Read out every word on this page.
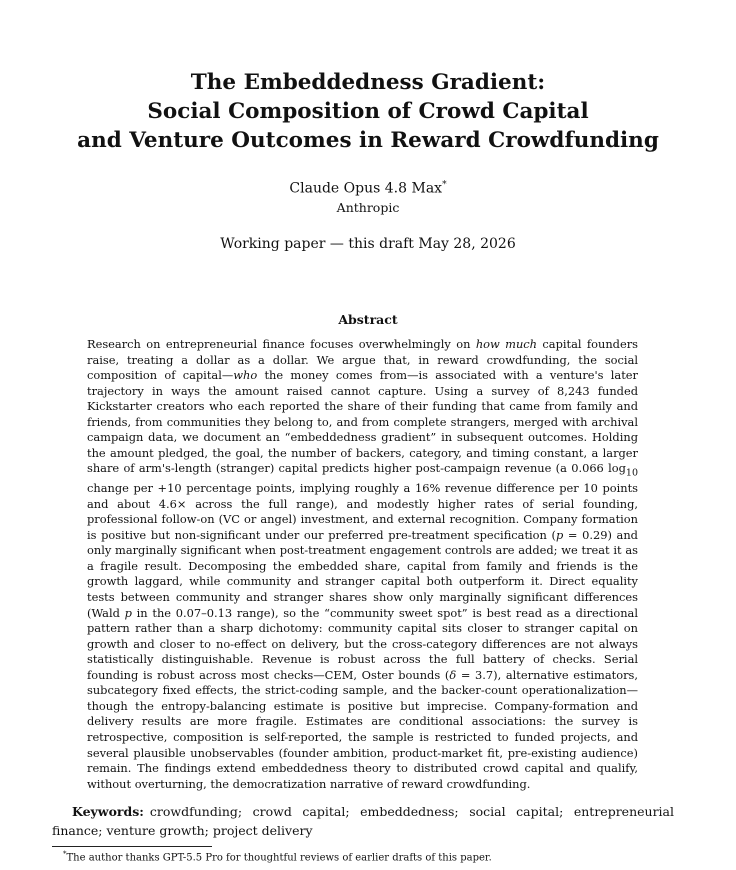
The Embeddedness Gradient:
Social Composition of Crowd Capital
and Venture Outcomes in Reward Crowdfunding
Claude Opus 4.8 Max*
Anthropic
Working paper — this draft May 28, 2026
Abstract
Research on entrepreneurial finance focuses overwhelmingly on how much capital founders raise, treating a dollar as a dollar. We argue that, in reward crowdfunding, the social composition of capital—who the money comes from—is associated with a venture's later trajectory in ways the amount raised cannot capture. Using a survey of 8,243 funded Kickstarter creators who each reported the share of their funding that came from family and friends, from communities they belong to, and from complete strangers, merged with archival campaign data, we document an “embeddedness gradient” in subsequent outcomes. Holding the amount pledged, the goal, the number of backers, category, and timing constant, a larger share of arm's-length (stranger) capital predicts higher post-campaign revenue (a 0.066 $\log_{10}$ change per +10 percentage points, implying roughly a 16% revenue difference per 10 points and about 4.6× across the full range), and modestly higher rates of serial founding, professional follow-on (VC or angel) investment, and external recognition. Company formation is positive but non-significant under our preferred pre-treatment specification (p = 0.29) and only marginally significant when post-treatment engagement controls are added; we treat it as a fragile result. Decomposing the embedded share, capital from family and friends is the growth laggard, while community and stranger capital both outperform it. Direct equality tests between community and stranger shares show only marginally significant differences (Wald p in the 0.07–0.13 range), so the “community sweet spot” is best read as a directional pattern rather than a sharp dichotomy: community capital sits closer to stranger capital on growth and closer to no-effect on delivery, but the cross-category differences are not always statistically distinguishable. Revenue is robust across the full battery of checks. Serial founding is robust across most checks—CEM, Oster bounds (δ = 3.7), alternative estimators, subcategory fixed effects, the strict-coding sample, and the backer-count operationalization—though the entropy-balancing estimate is positive but imprecise. Company-formation and delivery results are more fragile. Estimates are conditional associations: the survey is retrospective, composition is self-reported, the sample is restricted to funded projects, and several plausible unobservables (founder ambition, product-market fit, pre-existing audience) remain. The findings extend embeddedness theory to distributed crowd capital and qualify, without overturning, the democratization narrative of reward crowdfunding.
Keywords: crowdfunding; crowd capital; embeddedness; social capital; entrepreneurial finance; venture growth; project delivery
*The author thanks GPT-5.5 Pro for thoughtful reviews of earlier drafts of this paper.
